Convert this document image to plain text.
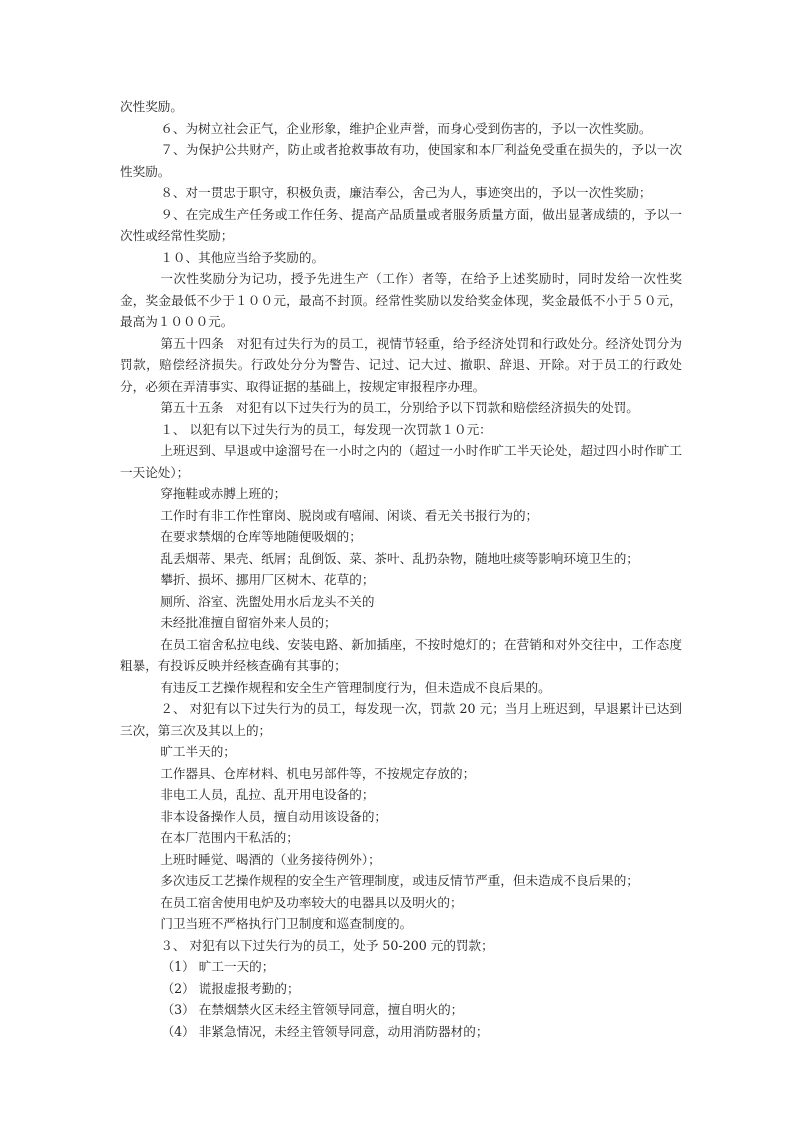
次性奖励。

６、为树立社会正气，企业形象，维护企业声誉，而身心受到伤害的，予以一次性奖励。

７、为保护公共财产，防止或者抢救事故有功，使国家和本厂利益免受重在损失的，予以一次性奖励。

８、对一贯忠于职守，积极负责，廉洁奉公，舍己为人，事迹突出的，予以一次性奖励；

９、在完成生产任务或工作任务、提高产品质量或者服务质量方面，做出显著成绩的，予以一次性或经常性奖励；

１０、其他应当给予奖励的。

一次性奖励分为记功，授予先进生产（工作）者等，在给予上述奖励时，同时发给一次性奖金，奖金最低不少于１００元，最高不封顶。经常性奖励以发给奖金体现，奖金最低不小于５０元，最高为１０００元。

第五十四条　对犯有过失行为的员工，视情节轻重，给予经济处罚和行政处分。经济处罚分为罚款，赔偿经济损失。行政处分分为警告、记过、记大过、撤职、辞退、开除。对于员工的行政处分，必须在弄清事实、取得证据的基础上，按规定审报程序办理。

第五十五条　对犯有以下过失行为的员工，分别给予以下罚款和赔偿经济损失的处罚。

１、 以犯有以下过失行为的员工，每发现一次罚款１０元：

上班迟到、早退或中途溜号在一小时之内的（超过一小时作旷工半天论处，超过四小时作旷工一天论处）；

穿拖鞋或赤膊上班的；

工作时有非工作性窜岗、脱岗或有嘻闹、闲谈、看无关书报行为的；

在要求禁烟的仓库等地随便吸烟的；

乱丢烟蒂、果壳、纸屑；乱倒饭、菜、茶叶、乱扔杂物，随地吐痰等影响环境卫生的；

攀折、损坏、挪用厂区树木、花草的；

厕所、浴室、洗盥处用水后龙头不关的

未经批准擅自留宿外来人员的；

在员工宿舍私拉电线、安装电路、新加插座，不按时熄灯的；在营销和对外交往中，工作态度粗暴，有投诉反映并经核查确有其事的；

有违反工艺操作规程和安全生产管理制度行为，但未造成不良后果的。

２、 对犯有以下过失行为的员工，每发现一次，罚款 20 元；当月上班迟到，早退累计已达到三次，第三次及其以上的；

旷工半天的；

工作器具、仓库材料、机电另部件等，不按规定存放的；

非电工人员，乱拉、乱开用电设备的；

非本设备操作人员，擅自动用该设备的；

在本厂范围内干私活的；

上班时睡觉、喝酒的（业务接待例外）；

多次违反工艺操作规程的安全生产管理制度，或违反情节严重，但未造成不良后果的；

在员工宿舍使用电炉及功率较大的电器具以及明火的；

门卫当班不严格执行门卫制度和巡查制度的。

３、 对犯有以下过失行为的员工，处予 50-200 元的罚款；

（1） 旷工一天的；

（2） 谎报虚报考勤的；

（3） 在禁烟禁火区未经主管领导同意，擅自明火的；

（4） 非紧急情况，未经主管领导同意，动用消防器材的；
